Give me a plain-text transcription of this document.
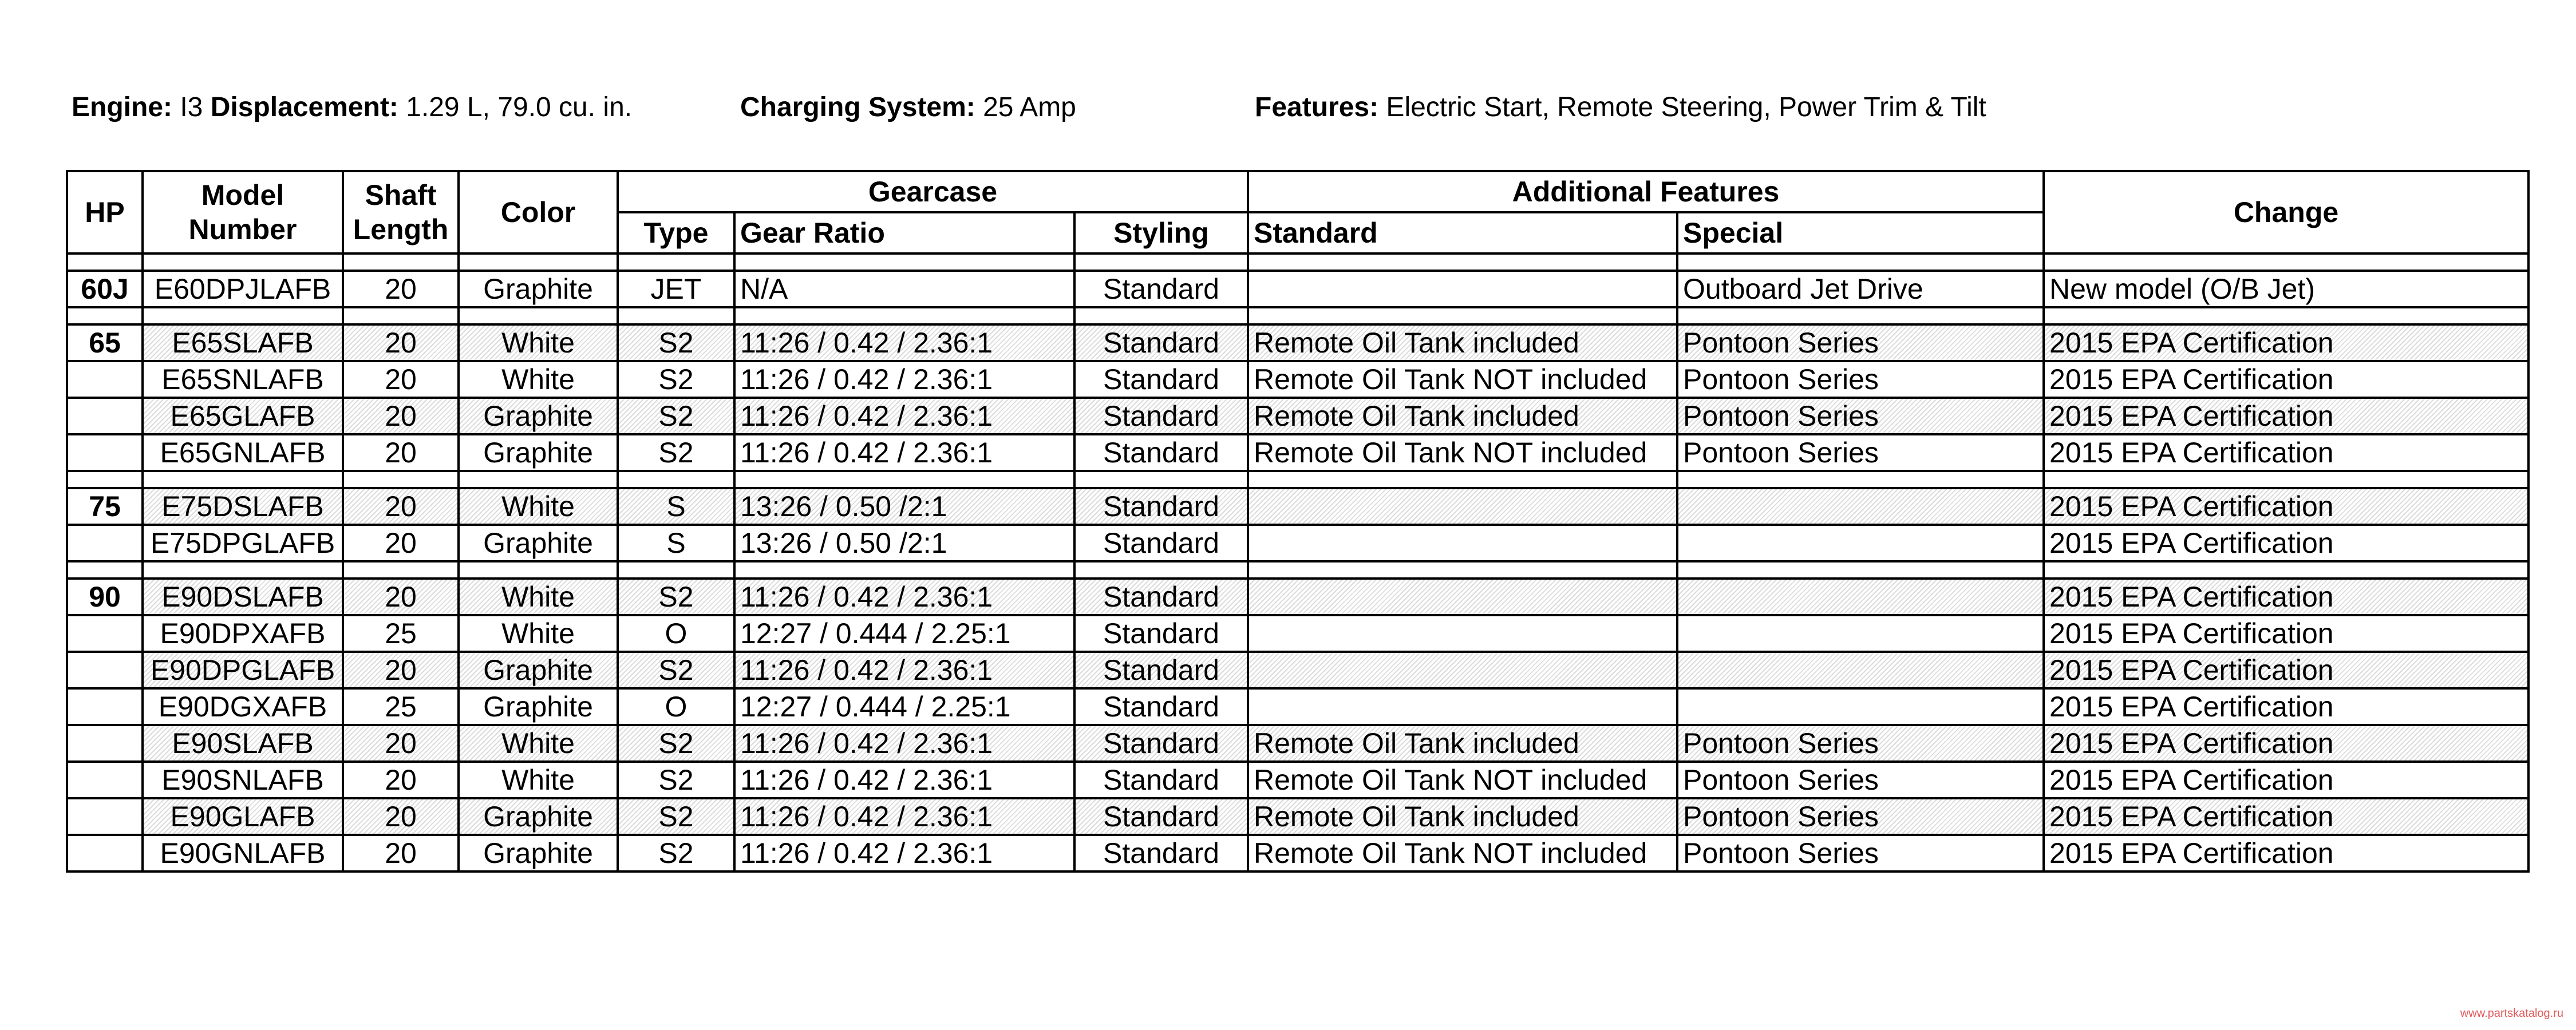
Engine: I3 Displacement: 1.29 L, 79.0 cu. in.	Charging System: 25 Amp	Features: Electric Start, Remote Steering, Power Trim & Tilt
HP	Model Number	Shaft Length	Color	Gearcase			Additional Features		Change
				Type	Gear Ratio	Styling	Standard	Special	

60J	E60DPJLAFB	20	Graphite	JET	N/A	Standard		Outboard Jet Drive	New model (O/B Jet)

65	E65SLAFB	20	White	S2	11:26 / 0.42 / 2.36:1	Standard	Remote Oil Tank included	Pontoon Series	2015 EPA Certification
	E65SNLAFB	20	White	S2	11:26 / 0.42 / 2.36:1	Standard	Remote Oil Tank NOT included	Pontoon Series	2015 EPA Certification
	E65GLAFB	20	Graphite	S2	11:26 / 0.42 / 2.36:1	Standard	Remote Oil Tank included	Pontoon Series	2015 EPA Certification
	E65GNLAFB	20	Graphite	S2	11:26 / 0.42 / 2.36:1	Standard	Remote Oil Tank NOT included	Pontoon Series	2015 EPA Certification

75	E75DSLAFB	20	White	S	13:26 / 0.50 /2:1	Standard			2015 EPA Certification
	E75DPGLAFB	20	Graphite	S	13:26 / 0.50 /2:1	Standard			2015 EPA Certification

90	E90DSLAFB	20	White	S2	11:26 / 0.42 / 2.36:1	Standard			2015 EPA Certification
	E90DPXAFB	25	White	O	12:27 / 0.444 / 2.25:1	Standard			2015 EPA Certification
	E90DPGLAFB	20	Graphite	S2	11:26 / 0.42 / 2.36:1	Standard			2015 EPA Certification
	E90DGXAFB	25	Graphite	O	12:27 / 0.444 / 2.25:1	Standard			2015 EPA Certification
	E90SLAFB	20	White	S2	11:26 / 0.42 / 2.36:1	Standard	Remote Oil Tank included	Pontoon Series	2015 EPA Certification
	E90SNLAFB	20	White	S2	11:26 / 0.42 / 2.36:1	Standard	Remote Oil Tank NOT included	Pontoon Series	2015 EPA Certification
	E90GLAFB	20	Graphite	S2	11:26 / 0.42 / 2.36:1	Standard	Remote Oil Tank included	Pontoon Series	2015 EPA Certification
	E90GNLAFB	20	Graphite	S2	11:26 / 0.42 / 2.36:1	Standard	Remote Oil Tank NOT included	Pontoon Series	2015 EPA Certification
www.partskatalog.ru
